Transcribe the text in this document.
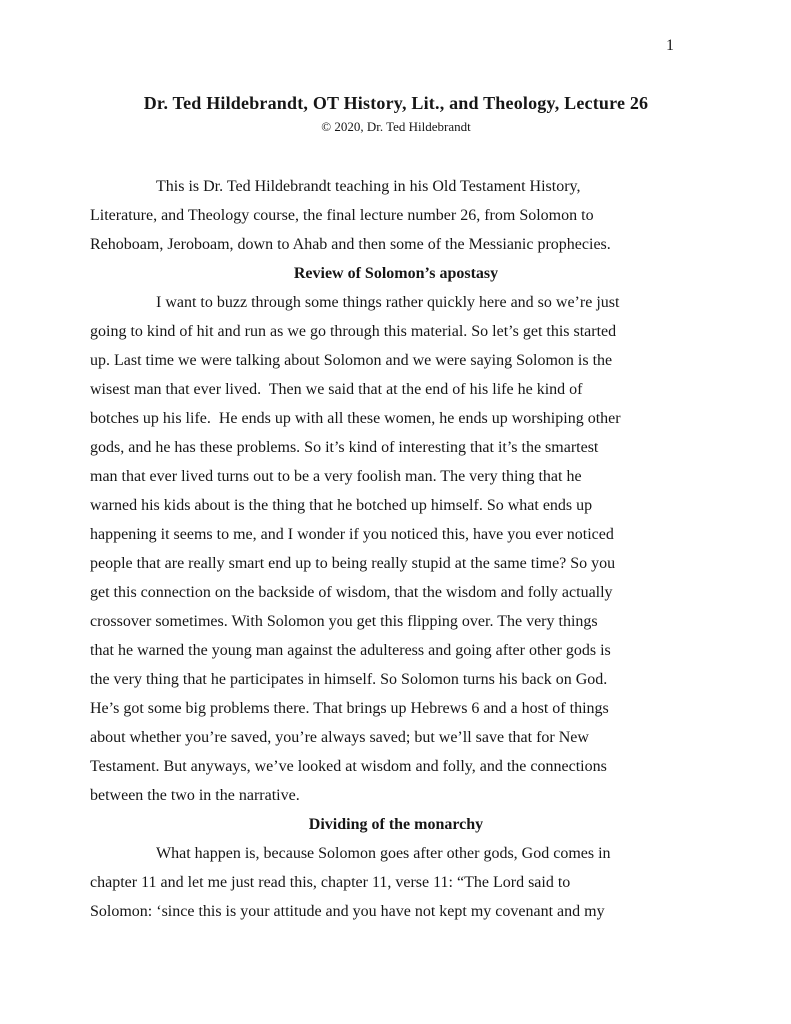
1
Dr. Ted Hildebrandt, OT History, Lit., and Theology, Lecture 26
© 2020, Dr. Ted Hildebrandt
This is Dr. Ted Hildebrandt teaching in his Old Testament History,
Literature, and Theology course, the final lecture number 26, from Solomon to
Rehoboam, Jeroboam, down to Ahab and then some of the Messianic prophecies.
Review of Solomon’s apostasy
I want to buzz through some things rather quickly here and so we’re just
going to kind of hit and run as we go through this material. So let’s get this started
up. Last time we were talking about Solomon and we were saying Solomon is the
wisest man that ever lived.  Then we said that at the end of his life he kind of
botches up his life.  He ends up with all these women, he ends up worshiping other
gods, and he has these problems. So it’s kind of interesting that it’s the smartest
man that ever lived turns out to be a very foolish man. The very thing that he
warned his kids about is the thing that he botched up himself. So what ends up
happening it seems to me, and I wonder if you noticed this, have you ever noticed
people that are really smart end up to being really stupid at the same time? So you
get this connection on the backside of wisdom, that the wisdom and folly actually
crossover sometimes. With Solomon you get this flipping over. The very things
that he warned the young man against the adulteress and going after other gods is
the very thing that he participates in himself. So Solomon turns his back on God.
He’s got some big problems there. That brings up Hebrews 6 and a host of things
about whether you’re saved, you’re always saved; but we’ll save that for New
Testament. But anyways, we’ve looked at wisdom and folly, and the connections
between the two in the narrative.
Dividing of the monarchy
What happen is, because Solomon goes after other gods, God comes in
chapter 11 and let me just read this, chapter 11, verse 11: “The Lord said to
Solomon: ‘since this is your attitude and you have not kept my covenant and my
